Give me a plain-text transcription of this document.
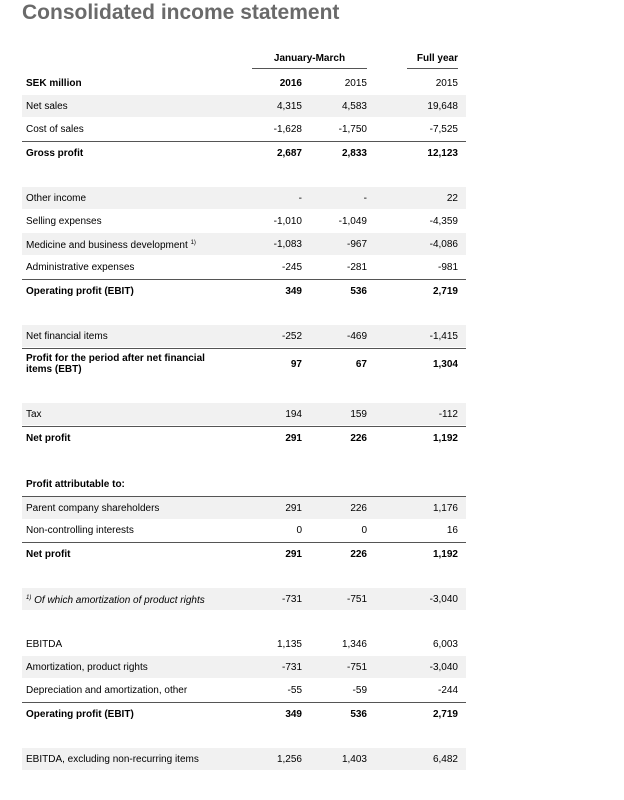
Consolidated income statement
January-March	Full year
SEK million	2016	2015	2015
Net sales	4,315	4,583	19,648
Cost of sales	-1,628	-1,750	-7,525
Gross profit	2,687	2,833	12,123
Other income	-	-	22
Selling expenses	-1,010	-1,049	-4,359
Medicine and business development $^{1)}$	-1,083	-967	-4,086
Administrative expenses	-245	-281	-981
Operating profit (EBIT)	349	536	2,719
Net financial items	-252	-469	-1,415
Profit for the period after net financial items (EBT)	97	67	1,304
Tax	194	159	-112
Net profit	291	226	1,192
Profit attributable to:
Parent company shareholders	291	226	1,176
Non-controlling interests	0	0	16
Net profit	291	226	1,192
$^{1)}$ Of which amortization of product rights	-731	-751	-3,040
EBITDA	1,135	1,346	6,003
Amortization, product rights	-731	-751	-3,040
Depreciation and amortization, other	-55	-59	-244
Operating profit (EBIT)	349	536	2,719
EBITDA, excluding non-recurring items	1,256	1,403	6,482
